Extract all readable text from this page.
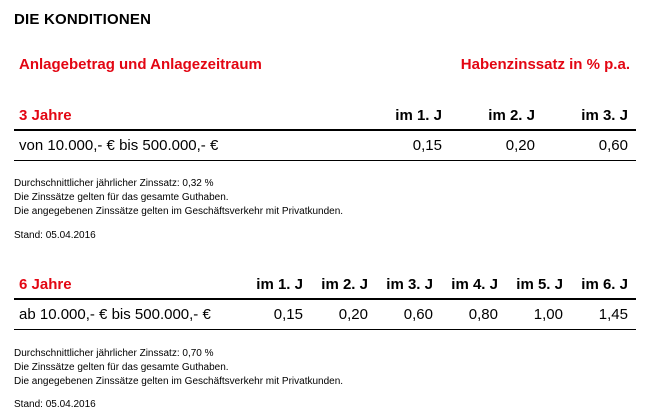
DIE KONDITIONEN
Anlagebetrag und Anlagezeitraum	Habenzinssatz in % p.a.
3 Jahre	im 1. J	im 2. J	im 3. J
von 10.000,- € bis 500.000,- €	0,15	0,20	0,60
Durchschnittlicher jährlicher Zinssatz: 0,32 %
Die Zinssätze gelten für das gesamte Guthaben.
Die angegebenen Zinssätze gelten im Geschäftsverkehr mit Privatkunden.
Stand: 05.04.2016
6 Jahre	im 1. J im 2. J im 3. J im 4. J im 5. J im 6. J
ab 10.000,- € bis 500.000,- €	0,15 0,20 0,60 0,80 1,00 1,45
Durchschnittlicher jährlicher Zinssatz: 0,70 %
Die Zinssätze gelten für das gesamte Guthaben.
Die angegebenen Zinssätze gelten im Geschäftsverkehr mit Privatkunden.
Stand: 05.04.2016
